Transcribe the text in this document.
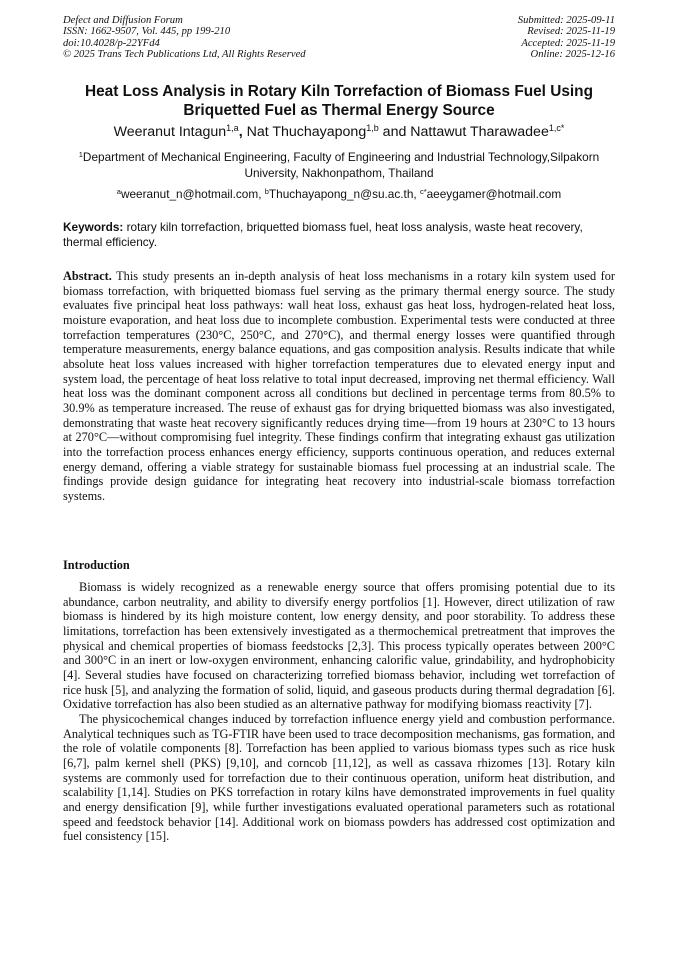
Defect and Diffusion Forum
ISSN: 1662-9507, Vol. 445, pp 199-210
doi:10.4028/p-22YFd4
© 2025 Trans Tech Publications Ltd, All Rights Reserved
Submitted: 2025-09-11
Revised: 2025-11-19
Accepted: 2025-11-19
Online: 2025-12-16
Heat Loss Analysis in Rotary Kiln Torrefaction of Biomass Fuel Using Briquetted Fuel as Thermal Energy Source
Weeranut Intagun$^{1,a}$, Nat Thuchayapong$^{1,b}$ and Nattawut Tharawadee$^{1,c*}$
$^1$Department of Mechanical Engineering, Faculty of Engineering and Industrial Technology,Silpakorn University, Nakhonpathom, Thailand
$^a$weeranut_n@hotmail.com, $^b$Thuchayapong_n@su.ac.th, $^{c*}$aeeygamer@hotmail.com
Keywords: rotary kiln torrefaction, briquetted biomass fuel, heat loss analysis, waste heat recovery, thermal efficiency.
Abstract. This study presents an in-depth analysis of heat loss mechanisms in a rotary kiln system used for biomass torrefaction, with briquetted biomass fuel serving as the primary thermal energy source. The study evaluates five principal heat loss pathways: wall heat loss, exhaust gas heat loss, hydrogen-related heat loss, moisture evaporation, and heat loss due to incomplete combustion. Experimental tests were conducted at three torrefaction temperatures (230°C, 250°C, and 270°C), and thermal energy losses were quantified through temperature measurements, energy balance equations, and gas composition analysis. Results indicate that while absolute heat loss values increased with higher torrefaction temperatures due to elevated energy input and system load, the percentage of heat loss relative to total input decreased, improving net thermal efficiency. Wall heat loss was the dominant component across all conditions but declined in percentage terms from 80.5% to 30.9% as temperature increased. The reuse of exhaust gas for drying briquetted biomass was also investigated, demonstrating that waste heat recovery significantly reduces drying time—from 19 hours at 230°C to 13 hours at 270°C—without compromising fuel integrity. These findings confirm that integrating exhaust gas utilization into the torrefaction process enhances energy efficiency, supports continuous operation, and reduces external energy demand, offering a viable strategy for sustainable biomass fuel processing at an industrial scale. The findings provide design guidance for integrating heat recovery into industrial-scale biomass torrefaction systems.
Introduction

Biomass is widely recognized as a renewable energy source that offers promising potential due to its abundance, carbon neutrality, and ability to diversify energy portfolios [1]. However, direct utilization of raw biomass is hindered by its high moisture content, low energy density, and poor storability. To address these limitations, torrefaction has been extensively investigated as a thermochemical pretreatment that improves the physical and chemical properties of biomass feedstocks [2,3]. This process typically operates between 200°C and 300°C in an inert or low-oxygen environment, enhancing calorific value, grindability, and hydrophobicity [4]. Several studies have focused on characterizing torrefied biomass behavior, including wet torrefaction of rice husk [5], and analyzing the formation of solid, liquid, and gaseous products during thermal degradation [6]. Oxidative torrefaction has also been studied as an alternative pathway for modifying biomass reactivity [7].

The physicochemical changes induced by torrefaction influence energy yield and combustion performance. Analytical techniques such as TG-FTIR have been used to trace decomposition mechanisms, gas formation, and the role of volatile components [8]. Torrefaction has been applied to various biomass types such as rice husk [6,7], palm kernel shell (PKS) [9,10], and corncob [11,12], as well as cassava rhizomes [13]. Rotary kiln systems are commonly used for torrefaction due to their continuous operation, uniform heat distribution, and scalability [1,14]. Studies on PKS torrefaction in rotary kilns have demonstrated improvements in fuel quality and energy densification [9], while further investigations evaluated operational parameters such as rotational speed and feedstock behavior [14]. Additional work on biomass powders has addressed cost optimization and fuel consistency [15].
